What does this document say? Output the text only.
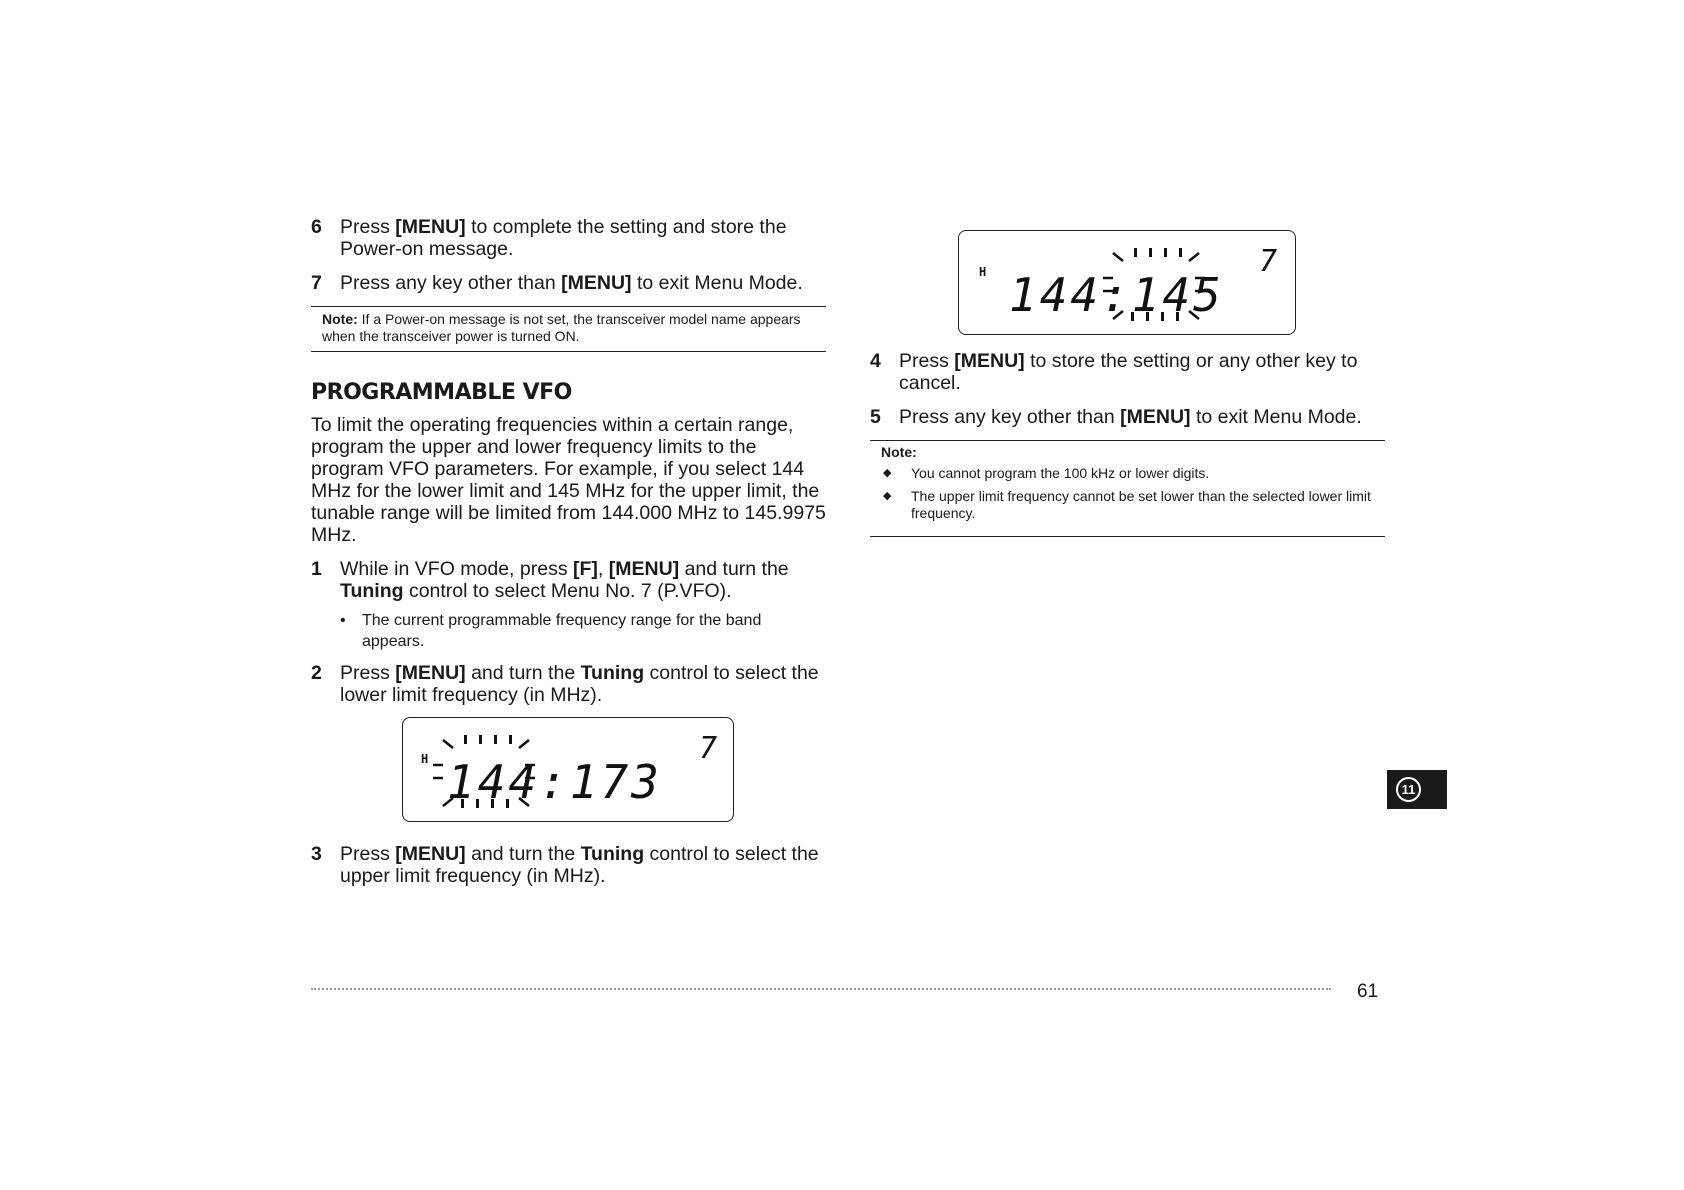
6 Press [MENU] to complete the setting and store the Power-on message.
7 Press any key other than [MENU] to exit Menu Mode.

Note: If a Power-on message is not set, the transceiver model name appears when the transceiver power is turned ON.

PROGRAMMABLE VFO

To limit the operating frequencies within a certain range, program the upper and lower frequency limits to the program VFO parameters. For example, if you select 144 MHz for the lower limit and 145 MHz for the upper limit, the tunable range will be limited from 144.000 MHz to 145.9975 MHz.

1 While in VFO mode, press [F], [MENU] and turn the Tuning control to select Menu No. 7 (P.VFO).
•	The current programmable frequency range for the band appears.
2 Press [MENU] and turn the Tuning control to select the lower limit frequency (in MHz).
H 144:173
7
3 Press [MENU] and turn the Tuning control to select the upper limit frequency (in MHz).
H 144:145
7
4 Press [MENU] to store the setting or any other key to cancel.
5 Press any key other than [MENU] to exit Menu Mode.
Note:
◆	You cannot program the 100 kHz or lower digits.
◆	The upper limit frequency cannot be set lower than the selected lower limit frequency.
11
61
